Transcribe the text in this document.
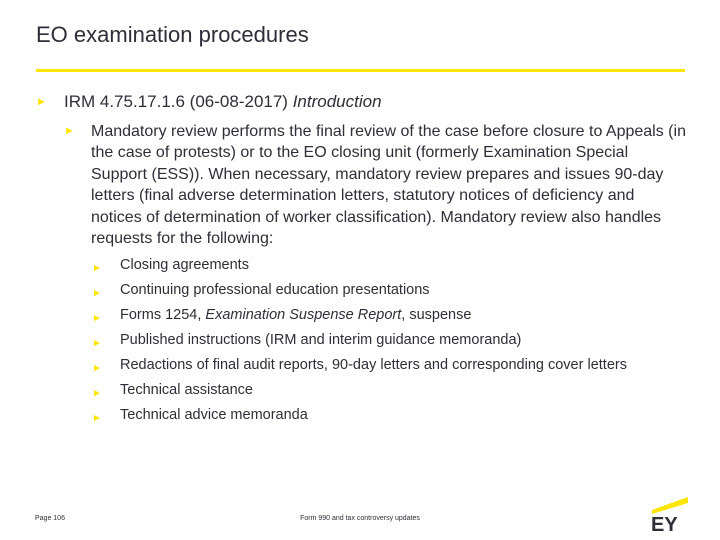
EO examination procedures
► IRM 4.75.17.1.6 (06-08-2017) Introduction
► Mandatory review performs the final review of the case before closure to Appeals (in the case of protests) or to the EO closing unit (formerly Examination Special Support (ESS)). When necessary, mandatory review prepares and issues 90-day letters (final adverse determination letters, statutory notices of deficiency and notices of determination of worker classification). Mandatory review also handles requests for the following:
► Closing agreements
► Continuing professional education presentations
► Forms 1254, Examination Suspense Report, suspense
► Published instructions (IRM and interim guidance memoranda)
► Redactions of final audit reports, 90-day letters and corresponding cover letters
► Technical assistance
► Technical advice memoranda
Page 106	Form 990 and tax controversy updates	EY
